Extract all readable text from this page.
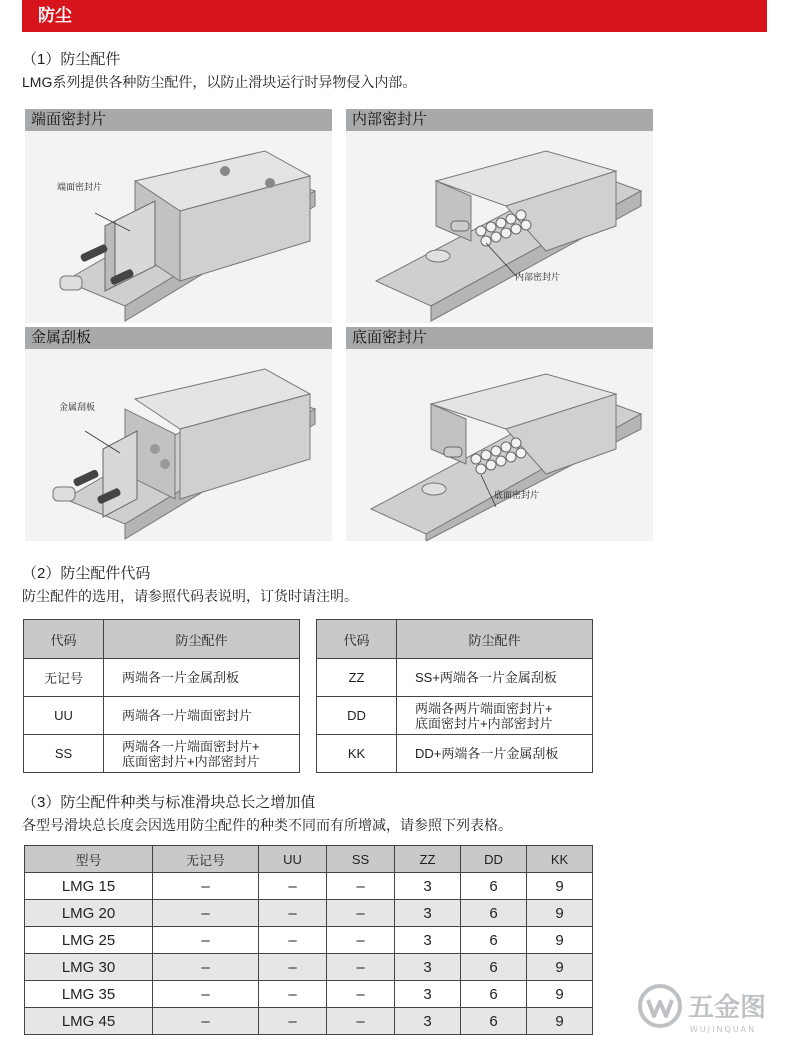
防尘
（1）防尘配件
LMG系列提供各种防尘配件，以防止滑块运行时异物侵入内部。
端面密封片
端面密封片
内部密封片
内部密封片
金属刮板
金属刮板
底面密封片
底面密封片
（2）防尘配件代码
防尘配件的选用，请参照代码表说明，订货时请注明。
代码	防尘配件
无记号	两端各一片金属刮板

UU	两端各一片端面密封片

SS	两端各一片端面密封片+
底面密封片+内部密封片
代码	防尘配件
ZZ	SS+两端各一片金属刮板

DD	两端各两片端面密封片+
底面密封片+内部密封片

KK	DD+两端各一片金属刮板
（3）防尘配件种类与标准滑块总长之增加值
各型号滑块总长度会因选用防尘配件的种类不同而有所增减，请参照下列表格。
型号	无记号	UU	SS	ZZ	DD	KK
LMG 15	–	–	–	3	6	9
LMG 20	–	–	–	3	6	9
LMG 25	–	–	–	3	6	9
LMG 30	–	–	–	3	6	9
LMG 35	–	–	–	3	6	9
LMG 45	–	–	–	3	6	9	五金图
WUJINQUAN
